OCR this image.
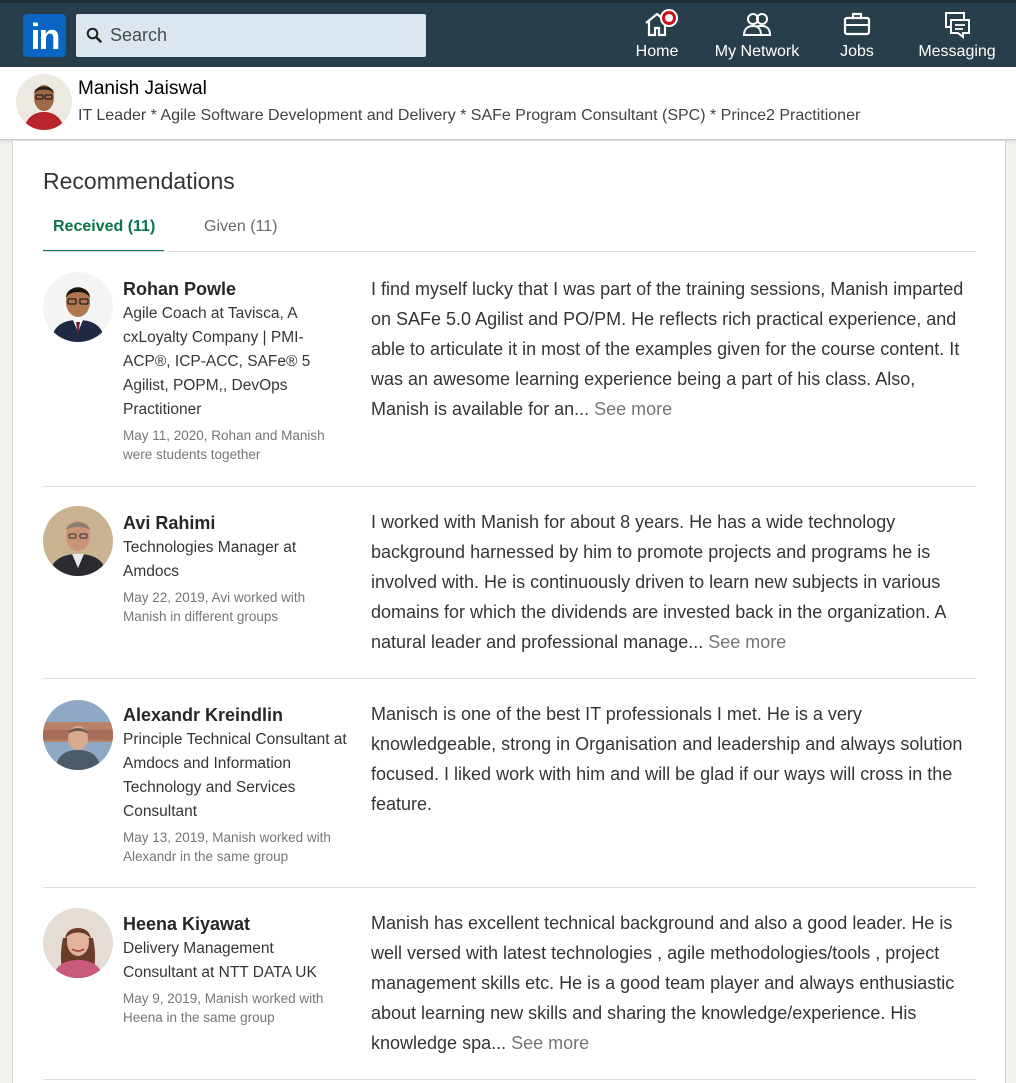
in
Search	Home	My Network	Jobs	Messaging
Manish Jaiswal
IT Leader * Agile Software Development and Delivery * SAFe Program Consultant (SPC) * Prince2 Practitioner
Recommendations
Received (11)	Given (11)
Rohan Powle
Agile Coach at Tavisca, A cxLoyalty Company | PMI-ACP®, ICP-ACC, SAFe® 5 Agilist, POPM,, DevOps Practitioner
May 11, 2020, Rohan and Manish were students together
I find myself lucky that I was part of the training sessions, Manish imparted on SAFe 5.0 Agilist and PO/PM. He reflects rich practical experience, and able to articulate it in most of the examples given for the course content. It was an awesome learning experience being a part of his class. Also, Manish is available for an... See more
Avi Rahimi
Technologies Manager at Amdocs
May 22, 2019, Avi worked with Manish in different groups
I worked with Manish for about 8 years. He has a wide technology background harnessed by him to promote projects and programs he is involved with. He is continuously driven to learn new subjects in various domains for which the dividends are invested back in the organization. A natural leader and professional manage... See more
Alexandr Kreindlin
Principle Technical Consultant at Amdocs and Information Technology and Services Consultant
May 13, 2019, Manish worked with Alexandr in the same group
Manisch is one of the best IT professionals I met. He is a very knowledgeable, strong in Organisation and leadership and always solution focused. I liked work with him and will be glad if our ways will cross in the feature.
Heena Kiyawat
Delivery Management Consultant at NTT DATA UK
May 9, 2019, Manish worked with Heena in the same group
Manish has excellent technical background and also a good leader. He is well versed with latest technologies , agile methodologies/tools , project management skills etc. He is a good team player and always enthusiastic about learning new skills and sharing the knowledge/experience. His knowledge spa... See more
